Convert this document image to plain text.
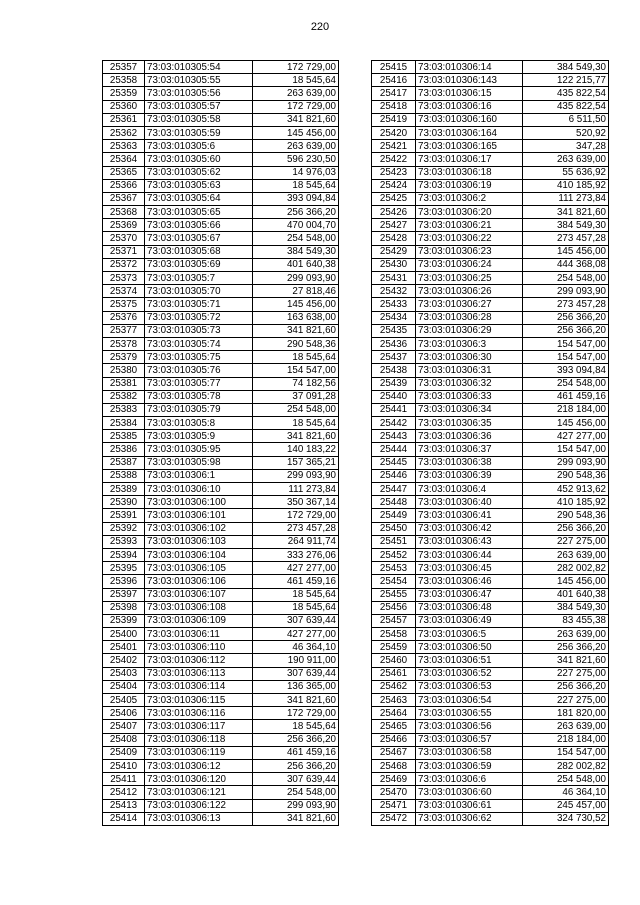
220
25357	73:03:010305:54	172 729,00
25358	73:03:010305:55	18 545,64
25359	73:03:010305:56	263 639,00
25360	73:03:010305:57	172 729,00
25361	73:03:010305:58	341 821,60
25362	73:03:010305:59	145 456,00
25363	73:03:010305:6	263 639,00
25364	73:03:010305:60	596 230,50
25365	73:03:010305:62	14 976,03
25366	73:03:010305:63	18 545,64
25367	73:03:010305:64	393 094,84
25368	73:03:010305:65	256 366,20
25369	73:03:010305:66	470 004,70
25370	73:03:010305:67	254 548,00
25371	73:03:010305:68	384 549,30
25372	73:03:010305:69	401 640,38
25373	73:03:010305:7	299 093,90
25374	73:03:010305:70	27 818,46
25375	73:03:010305:71	145 456,00
25376	73:03:010305:72	163 638,00
25377	73:03:010305:73	341 821,60
25378	73:03:010305:74	290 548,36
25379	73:03:010305:75	18 545,64
25380	73:03:010305:76	154 547,00
25381	73:03:010305:77	74 182,56
25382	73:03:010305:78	37 091,28
25383	73:03:010305:79	254 548,00
25384	73:03:010305:8	18 545,64
25385	73:03:010305:9	341 821,60
25386	73:03:010305:95	140 183,22
25387	73:03:010305:98	157 365,21
25388	73:03:010306:1	299 093,90
25389	73:03:010306:10	111 273,84
25390	73:03:010306:100	350 367,14
25391	73:03:010306:101	172 729,00
25392	73:03:010306:102	273 457,28
25393	73:03:010306:103	264 911,74
25394	73:03:010306:104	333 276,06
25395	73:03:010306:105	427 277,00
25396	73:03:010306:106	461 459,16
25397	73:03:010306:107	18 545,64
25398	73:03:010306:108	18 545,64
25399	73:03:010306:109	307 639,44
25400	73:03:010306:11	427 277,00
25401	73:03:010306:110	46 364,10
25402	73:03:010306:112	190 911,00
25403	73:03:010306:113	307 639,44
25404	73:03:010306:114	136 365,00
25405	73:03:010306:115	341 821,60
25406	73:03:010306:116	172 729,00
25407	73:03:010306:117	18 545,64
25408	73:03:010306:118	256 366,20
25409	73:03:010306:119	461 459,16
25410	73:03:010306:12	256 366,20
25411	73:03:010306:120	307 639,44
25412	73:03:010306:121	254 548,00
25413	73:03:010306:122	299 093,90
25414	73:03:010306:13	341 821,60
25415	73:03:010306:14	384 549,30
25416	73:03:010306:143	122 215,77
25417	73:03:010306:15	435 822,54
25418	73:03:010306:16	435 822,54
25419	73:03:010306:160	6 511,50
25420	73:03:010306:164	520,92
25421	73:03:010306:165	347,28
25422	73:03:010306:17	263 639,00
25423	73:03:010306:18	55 636,92
25424	73:03:010306:19	410 185,92
25425	73:03:010306:2	111 273,84
25426	73:03:010306:20	341 821,60
25427	73:03:010306:21	384 549,30
25428	73:03:010306:22	273 457,28
25429	73:03:010306:23	145 456,00
25430	73:03:010306:24	444 368,08
25431	73:03:010306:25	254 548,00
25432	73:03:010306:26	299 093,90
25433	73:03:010306:27	273 457,28
25434	73:03:010306:28	256 366,20
25435	73:03:010306:29	256 366,20
25436	73:03:010306:3	154 547,00
25437	73:03:010306:30	154 547,00
25438	73:03:010306:31	393 094,84
25439	73:03:010306:32	254 548,00
25440	73:03:010306:33	461 459,16
25441	73:03:010306:34	218 184,00
25442	73:03:010306:35	145 456,00
25443	73:03:010306:36	427 277,00
25444	73:03:010306:37	154 547,00
25445	73:03:010306:38	299 093,90
25446	73:03:010306:39	290 548,36
25447	73:03:010306:4	452 913,62
25448	73:03:010306:40	410 185,92
25449	73:03:010306:41	290 548,36
25450	73:03:010306:42	256 366,20
25451	73:03:010306:43	227 275,00
25452	73:03:010306:44	263 639,00
25453	73:03:010306:45	282 002,82
25454	73:03:010306:46	145 456,00
25455	73:03:010306:47	401 640,38
25456	73:03:010306:48	384 549,30
25457	73:03:010306:49	83 455,38
25458	73:03:010306:5	263 639,00
25459	73:03:010306:50	256 366,20
25460	73:03:010306:51	341 821,60
25461	73:03:010306:52	227 275,00
25462	73:03:010306:53	256 366,20
25463	73:03:010306:54	227 275,00
25464	73:03:010306:55	181 820,00
25465	73:03:010306:56	263 639,00
25466	73:03:010306:57	218 184,00
25467	73:03:010306:58	154 547,00
25468	73:03:010306:59	282 002,82
25469	73:03:010306:6	254 548,00
25470	73:03:010306:60	46 364,10
25471	73:03:010306:61	245 457,00
25472	73:03:010306:62	324 730,52
